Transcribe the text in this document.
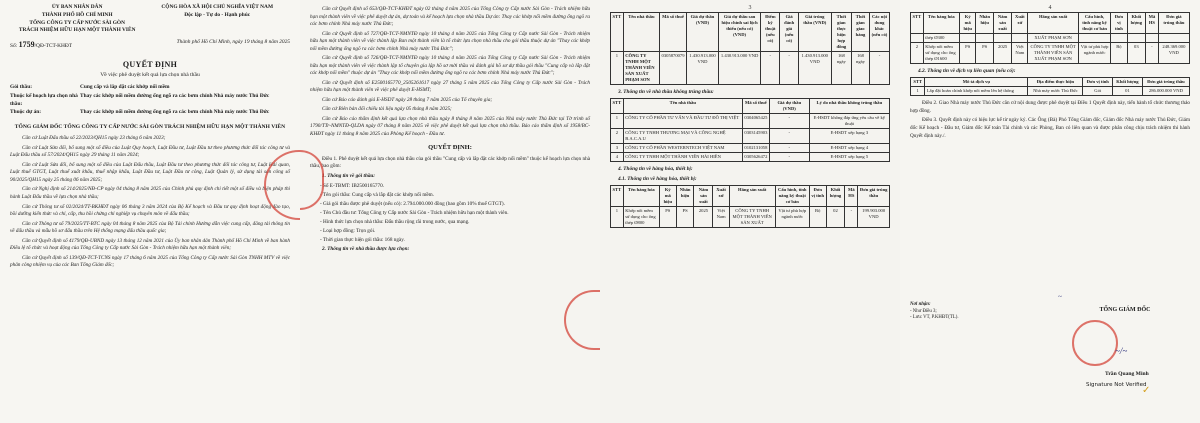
ỦY BAN NHÂN DÂN
THÀNH PHỐ HỒ CHÍ MINH
TỔNG CÔNG TY CẤP NƯỚC SÀI GÒN
TRÁCH NHIỆM HỮU HẠN MỘT THÀNH VIÊN
CỘNG HÒA XÃ HỘI CHỦ NGHĨA VIỆT NAM
Độc lập - Tự do - Hạnh phúc
Số: 1759/QĐ-TCT-KHĐT
Thành phố Hồ Chí Minh, ngày 19 tháng 8 năm 2025
QUYẾT ĐỊNH
Về việc phê duyệt kết quả lựa chọn nhà thầu
Gói thầu:	Cung cấp và lắp đặt các khớp nối mềm
Thuộc kế hoạch lựa chọn nhà thầu:
Thay các khớp nối mềm đường ống ngõ ra các bơm chính Nhà máy nước Thủ Đức
Thuộc dự án:	Thay các khớp nối mềm đường ống ngõ ra các bơm chính Nhà máy nước Thủ Đức
TỔNG GIÁM ĐỐC TỔNG CÔNG TY CẤP NƯỚC SÀI GÒN TRÁCH NHIỆM HỮU HẠN MỘT THÀNH VIÊN
Căn cứ Luật Đấu thầu số 22/2023/QH15 ngày 23 tháng 6 năm 2023;
Căn cứ Luật Sửa đổi, bổ sung một số điều của Luật Quy hoạch, Luật Đầu tư, Luật Đầu tư theo phương thức đối tác công tư và Luật Đấu thầu số 57/2024/QH15 ngày 29 tháng 11 năm 2024;
Căn cứ Luật Sửa đổi, bổ sung một số điều của Luật Đấu thầu, Luật Đầu tư theo phương thức đối tác công tư, Luật Hải quan, Luật thuế GTGT, Luật thuế xuất khẩu, thuế nhập khẩu, Luật Đầu tư, Luật Đầu tư công, Luật Quản lý, sử dụng tài sản công số 90/2025/QH15 ngày 25 tháng 06 năm 2025;
Căn cứ Nghị định số 214/2025/NĐ-CP ngày 04 tháng 8 năm 2025 của Chính phủ quy định chi tiết một số điều và biện pháp thi hành Luật Đấu thầu về lựa chọn nhà thầu;
Căn cứ Thông tư số 02/2024/TT-BKHĐT ngày 06 tháng 3 năm 2024 của Bộ Kế hoạch và Đầu tư quy định hoạt động đào tạo, bồi dưỡng kiến thức và chỉ, cấp, thu hồi chứng chỉ nghiệp vụ chuyên môn về đấu thầu;
Căn cứ Thông tư số 79/2025/TT-BTC ngày 04 tháng 8 năm 2025 của Bộ Tài chính Hướng dẫn việc cung cấp, đăng tải thông tin về đấu thầu và mẫu hồ sơ đấu thầu trên Hệ thống mạng đấu thầu quốc gia;
Căn cứ Quyết định số 4179/QĐ-UBND ngày 13 tháng 12 năm 2021 của Ủy ban nhân dân Thành phố Hồ Chí Minh về ban hành Điều lệ tổ chức và hoạt động của Tổng Công ty Cấp nước Sài Gòn - Trách nhiệm hữu hạn một thành viên;
Căn cứ Quyết định số 139/QĐ-TCT-TCNS ngày 17 tháng 6 năm 2025 của Tổng Công ty Cấp nước Sài Gòn TNHH MTV về việc phân công nhiệm vụ của các Ban Tổng Giám đốc;
Căn cứ Quyết định số 653/QĐ-TCT-KHĐT ngày 02 tháng 4 năm 2025 của Tổng Công ty Cấp nước Sài Gòn - Trách nhiệm hữu hạn một thành viên về việc phê duyệt dự án, dự toán và kế hoạch lựa chọn nhà thầu Dự án: Thay các khớp nối mềm đường ống ngõ ra các bơm chính Nhà máy nước Thủ Đức;
Căn cứ Quyết định số 727/QĐ-TCT-NMNTĐ ngày 10 tháng 4 năm 2025 của Tổng Công ty Cấp nước Sài Gòn - Trách nhiệm hữu hạn một thành viên về việc thành lập Ban một thành viên là tổ chức lựa chọn nhà thầu cho gói thầu thuộc dự án "Thay các khớp nối mềm đường ống ngõ ra các bơm chính Nhà máy nước Thủ Đức";
Căn cứ Quyết định số 726/QĐ-TCT-NMNTĐ ngày 10 tháng 4 năm 2025 của Tổng Công ty Cấp nước Sài Gòn - Trách nhiệm hữu hạn một thành viên về việc thành lập tổ chuyên gia lập hồ sơ mời thầu và đánh giá hồ sơ dự thầu gói thầu "Cung cấp và lắp đặt các khớp nối mềm" thuộc dự án "Thay các khớp nối mềm đường ống ngõ ra các bơm chính Nhà máy nước Thủ Đức";
Căn cứ Quyết định số E2500165770_2505261617 ngày 27 tháng 5 năm 2025 của Tổng Công ty Cấp nước Sài Gòn - Trách nhiệm hữu hạn một thành viên về việc phê duyệt E-HSMT;
Căn cứ Báo cáo đánh giá E-HSDT ngày 28 tháng 7 năm 2025 của Tổ chuyên gia;
Căn cứ Biên bản đối chiếu tài liệu ngày 05 tháng 8 năm 2025;
Căn cứ Báo cáo thẩm định kết quả lựa chọn nhà thầu ngày 8 tháng 8 năm 2025 của Nhà máy nước Thủ Đức tại Tờ trình số 1790/TTr-NMNTĐ-QLDA ngày 07 tháng 8 năm 2025 về việc phê duyệt kết quả lựa chọn nhà thầu. Báo cáo thẩm định số 1958/BC-KHĐT ngày 11 tháng 8 năm 2025 của Phòng Kế hoạch - Đầu tư.
QUYẾT ĐỊNH:
Điều 1. Phê duyệt kết quả lựa chọn nhà thầu của gói thầu "Cung cấp và lắp đặt các khớp nối mềm" thuộc kế hoạch lựa chọn nhà thầu, bao gồm:
1. Thông tin về gói thầu:
- Số E-TBMT: IB2500165770.
- Tên gói thầu: Cung cấp và lắp đặt các khớp nối mềm.
- Giá gói thầu được phê duyệt (nếu có): 2.794.000.000 đồng (bao gồm 10% thuế GTGT).
- Tên Chủ đầu tư: Tổng Công ty Cấp nước Sài Gòn - Trách nhiệm hữu hạn một thành viên.
- Hình thức lựa chọn nhà thầu: Đấu thầu rộng rãi trong nước, qua mạng.
- Loại hợp đồng: Trọn gói.
- Thời gian thực hiện gói thầu: 168 ngày.
2. Thông tin về nhà thầu được lựa chọn:
3
STT	Tên nhà thầu	Mã số thuế	Giá dự thầu (VND)	Giá dự thầu sau hiệu chỉnh sai lệch thiếu (nếu có) (VND)	Điểm kỹ thuật (nếu có)	Giá đánh giá (nếu có)	Giá trúng thầu (VND)	Thời gian thực hiện hợp đồng	Thời gian giao hàng	Các nội dung khác (nếu có)
1	CÔNG TY TNHH MỘT THÀNH VIÊN SẢN XUẤT PHẠM SƠN	0305870079	1.430.913.000 VND	1.430.913.000 VND	-	-	1.430.913.000 VND	168 ngày	168 ngày	-
3. Thông tin về nhà thầu không trúng thầu:
STT	Tên nhà thầu	Mã số thuế	Giá dự thầu (VND)	Lý do nhà thầu không trúng thầu
1	CÔNG TY CỔ PHẦN TƯ VẤN VÀ ĐẦU TƯ ĐÔ THỊ VIỆT	0304065425	-	E-HSDT không đáp ứng yêu cầu về kỹ thuật
2	CÔNG TY TNHH THƯƠNG MẠI VÀ CÔNG NGHỆ B.A.C.A.U	0303145903	-	E-HSDT xếp hạng 3
3	CÔNG TY CỔ PHẦN WESTERNTECH VIỆT NAM	0102131058	-	E-HSDT xếp hạng 4
4	CÔNG TY TNHH MỘT THÀNH VIÊN HẢI HIỀN	0305626472	-	E-HSDT xếp hạng 5
4. Thông tin về hàng hóa, thiết bị:
4.1. Thông tin về hàng hóa, thiết bị:
STT	Tên hàng hóa	Ký mã hiệu	Nhãn hiệu	Năm sản xuất	Xuất xứ	Hãng sản xuất	Cấu hình, tính năng kỹ thuật cơ bản	Đơn vị tính	Khối lượng	Mã HS	Đơn giá trúng thầu
1	Khớp nối mềm sử dụng cho ống thép Ø800	PS	PS	2025	Việt Nam	CÔNG TY TNHH MỘT THÀNH VIÊN SẢN XUẤT	Vật tư phù hợp ngành nước	Bộ	02	-	199.903.000 VND
4
STT	Tên hàng hóa	Ký mã hiệu	Nhãn hiệu	Năm sản xuất	Xuất xứ	Hãng sản xuất	Cấu hình, tính năng kỹ thuật cơ bản	Đơn vị tính	Khối lượng	Mã HS	Đơn giá trúng thầu
	thép Ø300					XUẤT PHẠM SƠN					
2	Khớp nối mềm sử dụng cho ống thép Ø1600	PS	PS	2025	Việt Nam	CÔNG TY TNHH MỘT THÀNH VIÊN SẢN XUẤT PHẠM SƠN	Vật tư phù hợp ngành nước	Bộ	03	-	248.369.000 VND
4.2. Thông tin về dịch vụ liên quan (nếu có):
STT	Mô tả dịch vụ	Địa điểm thực hiện	Đơn vị tính	Khối lượng	Đơn giá trúng thầu
1	Lắp đặt hoàn chỉnh khớp nối mềm lên hệ thống	Nhà máy nước Thủ Đức	Gói	01	286.000.000 VND
Điều 2. Giao Nhà máy nước Thủ Đức căn cứ nội dung được phê duyệt tại Điều 1 Quyết định này, tiến hành tổ chức thương thảo hợp đồng.
Điều 3. Quyết định này có hiệu lực kể từ ngày ký. Các Ông (Bà) Phó Tổng Giám đốc, Giám đốc Nhà máy nước Thủ Đức, Giám đốc Kế hoạch - Đầu tư, Giám đốc Kế toán Tài chính và các Phòng, Ban có liên quan và được phân công chịu trách nhiệm thi hành Quyết định này./.
Nơi nhận:
- Như Điều 3;
- Lưu: VT, P.KHĐT(TL).
TỔNG GIÁM ĐỐC
~/~
Trần Quang Minh
Signature Not Verified
✓
~
